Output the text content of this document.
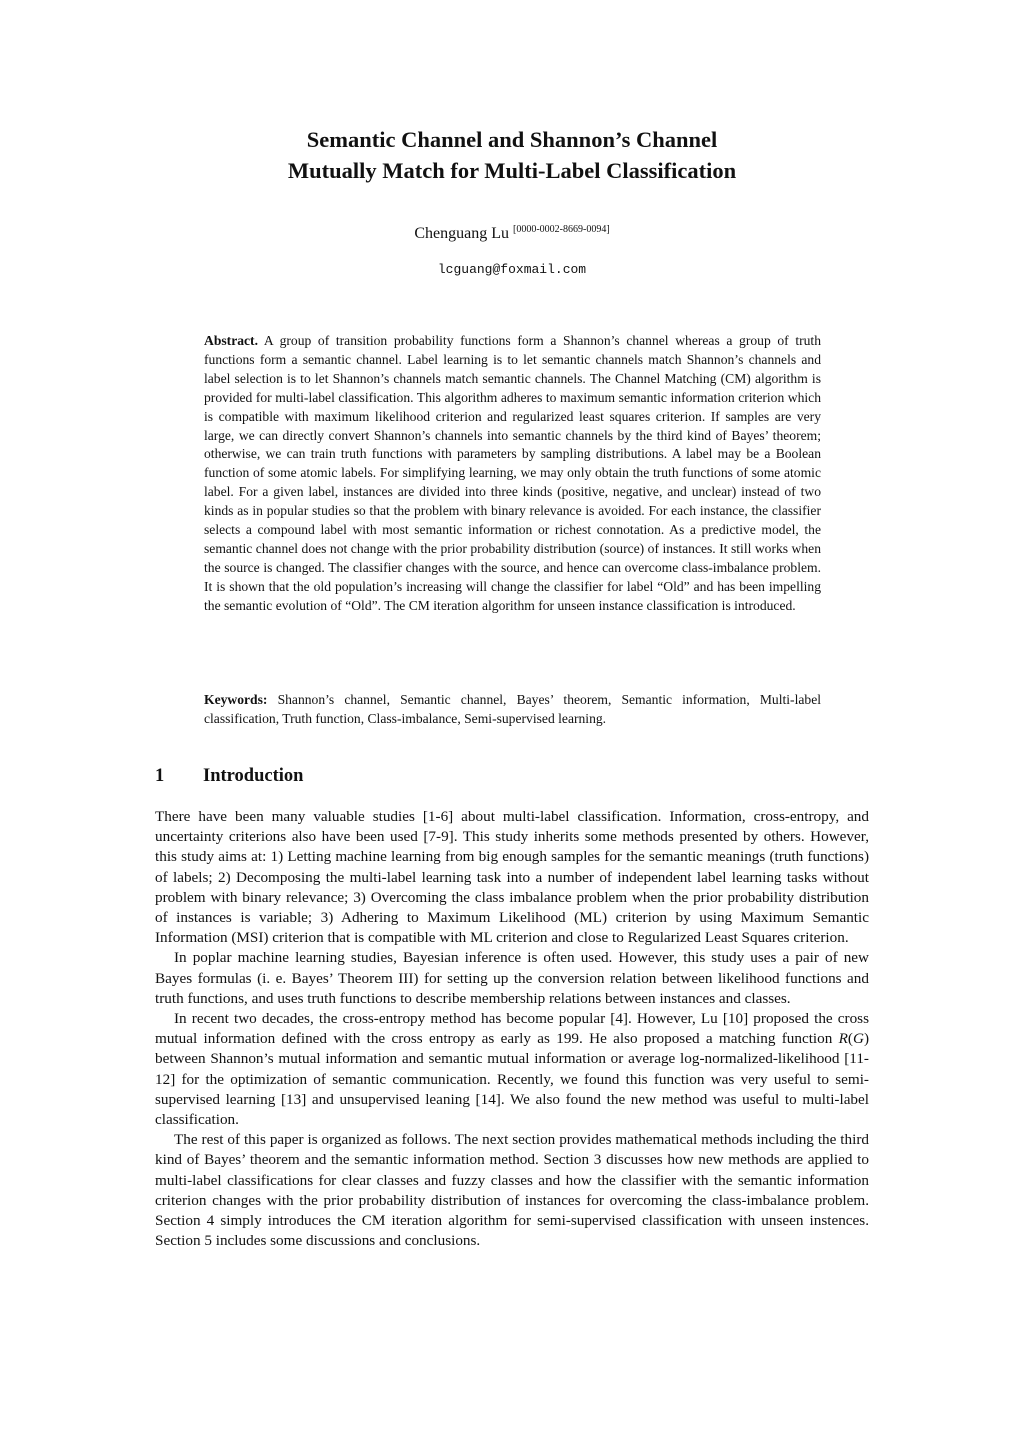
Semantic Channel and Shannon’s Channel
Mutually Match for Multi-Label Classification
Chenguang Lu [0000-0002-8669-0094]
lcguang@foxmail.com

Abstract. A group of transition probability functions form a Shannon’s channel whereas a group of truth functions form a semantic channel. Label learning is to let semantic channels match Shannon’s channels and label selection is to let Shannon’s channels match semantic channels. The Channel Matching (CM) algorithm is provided for multi-label classification. This algorithm adheres to maximum semantic information criterion which is compatible with maximum likelihood criterion and regularized least squares criterion. If samples are very large, we can directly convert Shannon’s channels into semantic channels by the third kind of Bayes’ theorem; otherwise, we can train truth functions with parameters by sampling distributions. A label may be a Boolean function of some atomic labels. For simplifying learning, we may only obtain the truth functions of some atomic label. For a given label, instances are divided into three kinds (positive, negative, and unclear) instead of two kinds as in popular studies so that the problem with binary relevance is avoided. For each instance, the classifier selects a compound label with most semantic information or richest connotation. As a predictive model, the semantic channel does not change with the prior probability distribution (source) of instances. It still works when the source is changed. The classifier changes with the source, and hence can overcome class-imbalance problem. It is shown that the old population’s increasing will change the classifier for label “Old” and has been impelling the semantic evolution of “Old”. The CM iteration algorithm for unseen instance classification is introduced.

Keywords: Shannon’s channel, Semantic channel, Bayes’ theorem, Semantic information, Multi-label classification, Truth function, Class-imbalance, Semi-supervised learning.

1 Introduction

There have been many valuable studies [1-6] about multi-label classification. Information, cross-entropy, and uncertainty criterions also have been used [7-9]. This study inherits some methods presented by others. However, this study aims at: 1) Letting machine learning from big enough samples for the semantic meanings (truth functions) of labels; 2) Decomposing the multi-label learning task into a number of independent label learning tasks without problem with binary relevance; 3) Overcoming the class imbalance problem when the prior probability distribution of instances is variable; 3) Adhering to Maximum Likelihood (ML) criterion by using Maximum Semantic Information (MSI) criterion that is compatible with ML criterion and close to Regularized Least Squares criterion.

In poplar machine learning studies, Bayesian inference is often used. However, this study uses a pair of new Bayes formulas (i. e. Bayes’ Theorem III) for setting up the conversion relation between likelihood functions and truth functions, and uses truth functions to describe membership relations between instances and classes.

In recent two decades, the cross-entropy method has become popular [4]. However, Lu [10] proposed the cross mutual information defined with the cross entropy as early as 199. He also proposed a matching function R(G) between Shannon’s mutual information and semantic mutual information or average log-normalized-likelihood [11-12] for the optimization of semantic communication. Recently, we found this function was very useful to semi-supervised learning [13] and unsupervised leaning [14]. We also found the new method was useful to multi-label classification.

The rest of this paper is organized as follows. The next section provides mathematical methods including the third kind of Bayes’ theorem and the semantic information method. Section 3 discusses how new methods are applied to multi-label classifications for clear classes and fuzzy classes and how the classifier with the semantic information criterion changes with the prior probability distribution of instances for overcoming the class-imbalance problem. Section 4 simply introduces the CM iteration algorithm for semi-supervised classification with unseen instences. Section 5 includes some discussions and conclusions.
